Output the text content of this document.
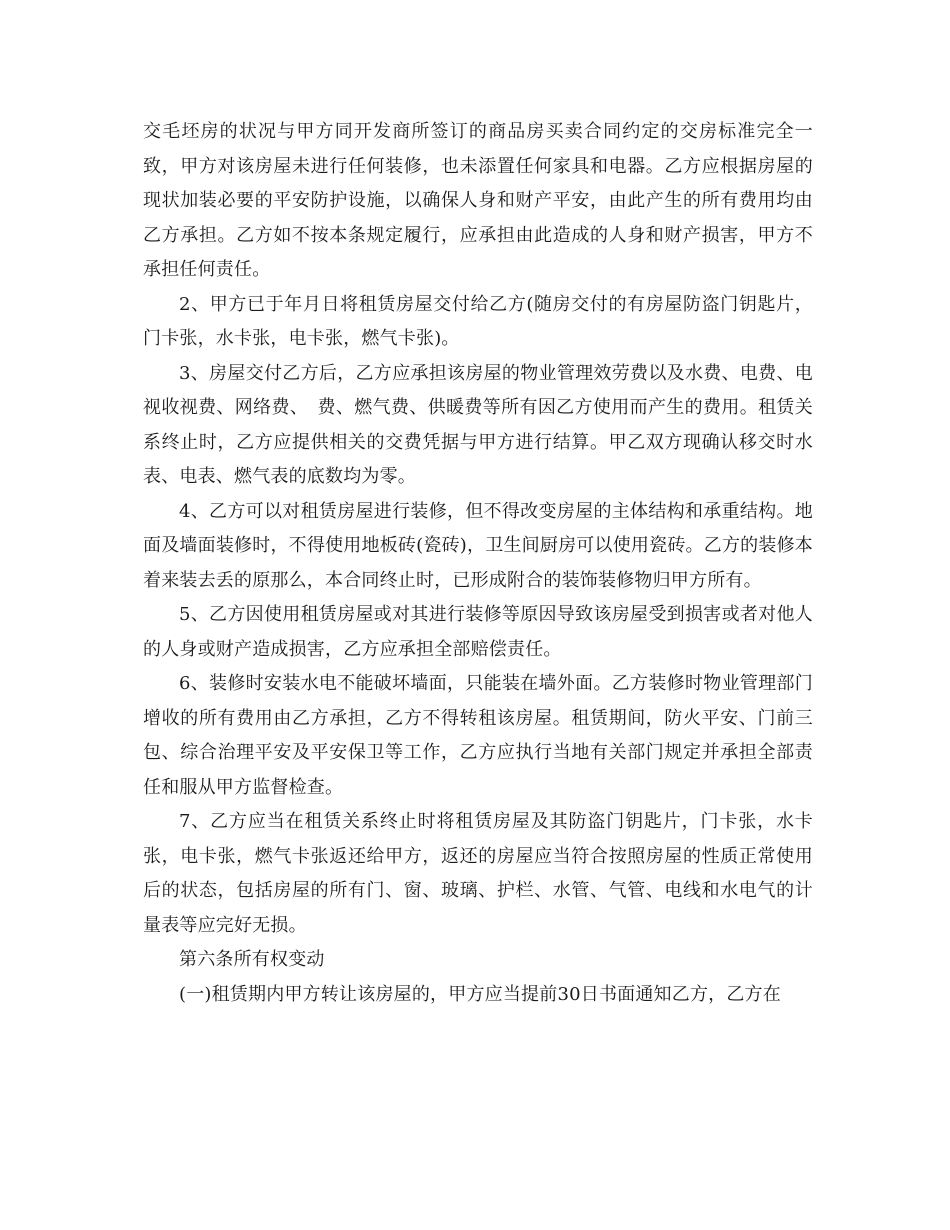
交毛坯房的状况与甲方同开发商所签订的商品房买卖合同约定的交房标准完全一致，甲方对该房屋未进行任何装修，也未添置任何家具和电器。乙方应根据房屋的现状加装必要的平安防护设施，以确保人身和财产平安，由此产生的所有费用均由乙方承担。乙方如不按本条规定履行，应承担由此造成的人身和财产损害，甲方不承担任何责任。

2、甲方已于年月日将租赁房屋交付给乙方(随房交付的有房屋防盗门钥匙片，门卡张，水卡张，电卡张，燃气卡张)。

3、房屋交付乙方后，乙方应承担该房屋的物业管理效劳费以及水费、电费、电视收视费、网络费、　费、燃气费、供暖费等所有因乙方使用而产生的费用。租赁关系终止时，乙方应提供相关的交费凭据与甲方进行结算。甲乙双方现确认移交时水表、电表、燃气表的底数均为零。

4、乙方可以对租赁房屋进行装修，但不得改变房屋的主体结构和承重结构。地面及墙面装修时，不得使用地板砖(瓷砖)，卫生间厨房可以使用瓷砖。乙方的装修本着来装去丢的原那么，本合同终止时，已形成附合的装饰装修物归甲方所有。

5、乙方因使用租赁房屋或对其进行装修等原因导致该房屋受到损害或者对他人的人身或财产造成损害，乙方应承担全部赔偿责任。

6、装修时安装水电不能破坏墙面，只能装在墙外面。乙方装修时物业管理部门增收的所有费用由乙方承担，乙方不得转租该房屋。租赁期间，防火平安、门前三包、综合治理平安及平安保卫等工作，乙方应执行当地有关部门规定并承担全部责任和服从甲方监督检查。

7、乙方应当在租赁关系终止时将租赁房屋及其防盗门钥匙片，门卡张，水卡张，电卡张，燃气卡张返还给甲方，返还的房屋应当符合按照房屋的性质正常使用后的状态，包括房屋的所有门、窗、玻璃、护栏、水管、气管、电线和水电气的计量表等应完好无损。

第六条所有权变动

(一)租赁期内甲方转让该房屋的，甲方应当提前30日书面通知乙方，乙方在
